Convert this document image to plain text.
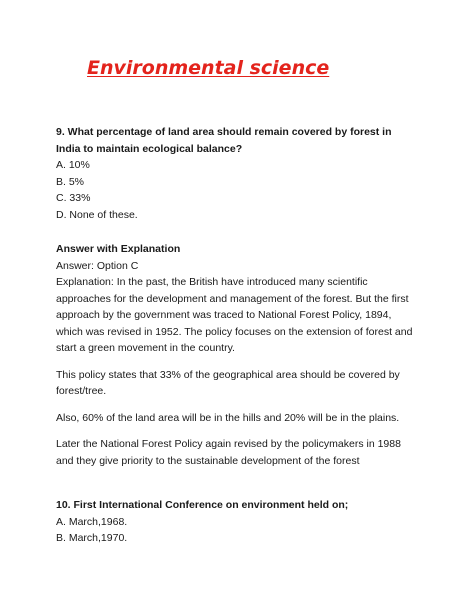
Environmental science

9. What percentage of land area should remain covered by forest in India to maintain ecological balance?

A. 10%

B. 5%

C. 33%

D. None of these.

Answer with Explanation

Answer: Option C

Explanation: In the past, the British have introduced many scientific approaches for the development and management of the forest. But the first approach by the government was traced to National Forest Policy, 1894, which was revised in 1952. The policy focuses on the extension of forest and start a green movement in the country.

This policy states that 33% of the geographical area should be covered by forest/tree.

Also, 60% of the land area will be in the hills and 20% will be in the plains.

Later the National Forest Policy again revised by the policymakers in 1988 and they give priority to the sustainable development of the forest

10. First International Conference on environment held on;

A. March,1968.

B. March,1970.
